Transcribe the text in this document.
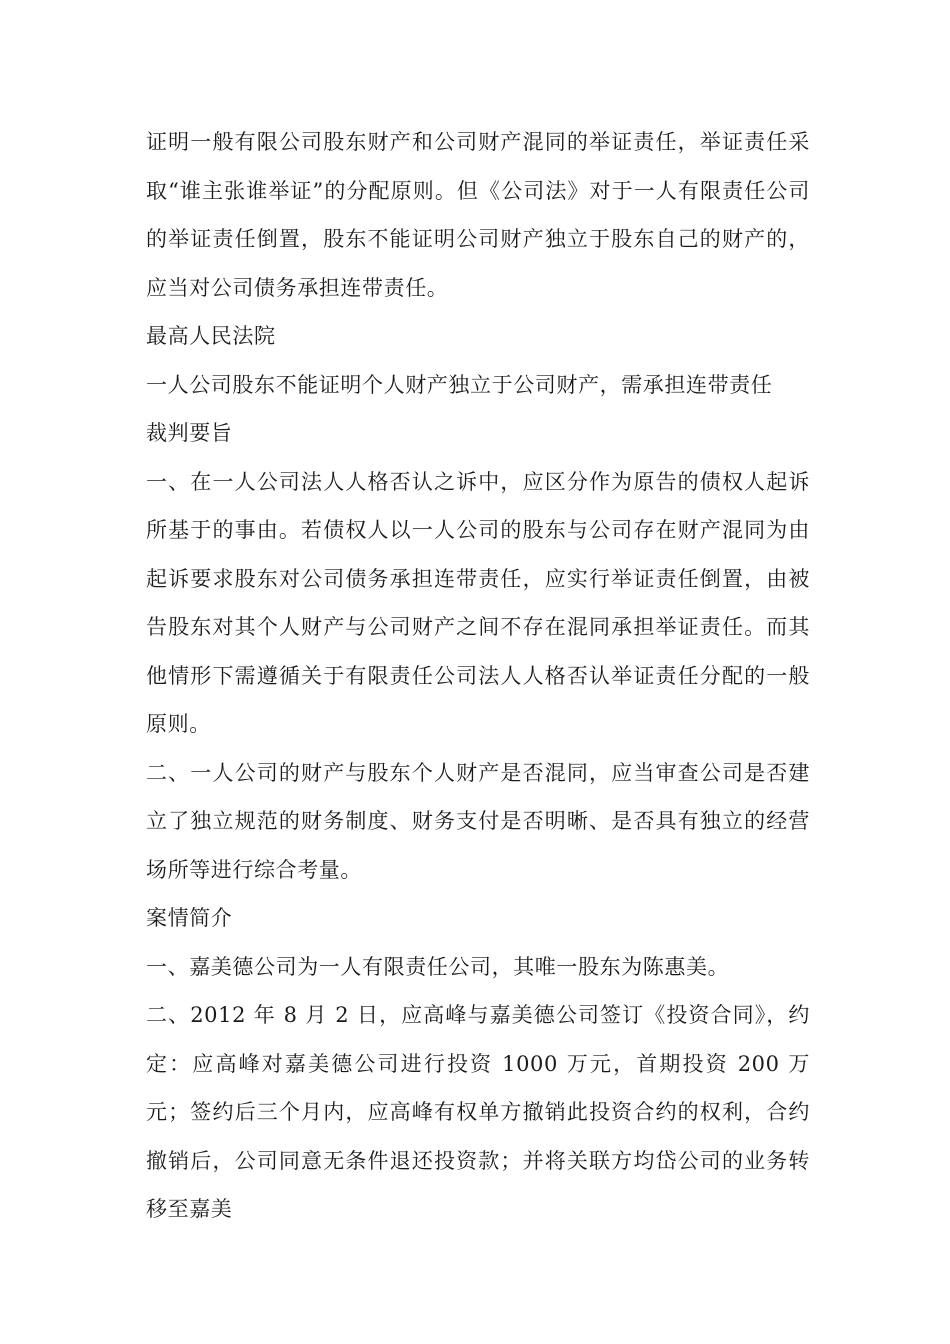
证明一般有限公司股东财产和公司财产混同的举证责任，举证责任采取“谁主张谁举证”的分配原则。但《公司法》对于一人有限责任公司的举证责任倒置，股东不能证明公司财产独立于股东自己的财产的，应当对公司债务承担连带责任。

最高人民法院

一人公司股东不能证明个人财产独立于公司财产，需承担连带责任

裁判要旨

一、在一人公司法人人格否认之诉中，应区分作为原告的债权人起诉所基于的事由。若债权人以一人公司的股东与公司存在财产混同为由起诉要求股东对公司债务承担连带责任，应实行举证责任倒置，由被告股东对其个人财产与公司财产之间不存在混同承担举证责任。而其他情形下需遵循关于有限责任公司法人人格否认举证责任分配的一般原则。

二、一人公司的财产与股东个人财产是否混同，应当审查公司是否建立了独立规范的财务制度、财务支付是否明晰、是否具有独立的经营场所等进行综合考量。

案情简介

一、嘉美德公司为一人有限责任公司，其唯一股东为陈惠美。

二、2012 年 8 月 2 日，应高峰与嘉美德公司签订《投资合同》，约定：应高峰对嘉美德公司进行投资 1000 万元，首期投资 200 万元；签约后三个月内，应高峰有权单方撤销此投资合约的权利，合约撤销后，公司同意无条件退还投资款；并将关联方均岱公司的业务转移至嘉美
